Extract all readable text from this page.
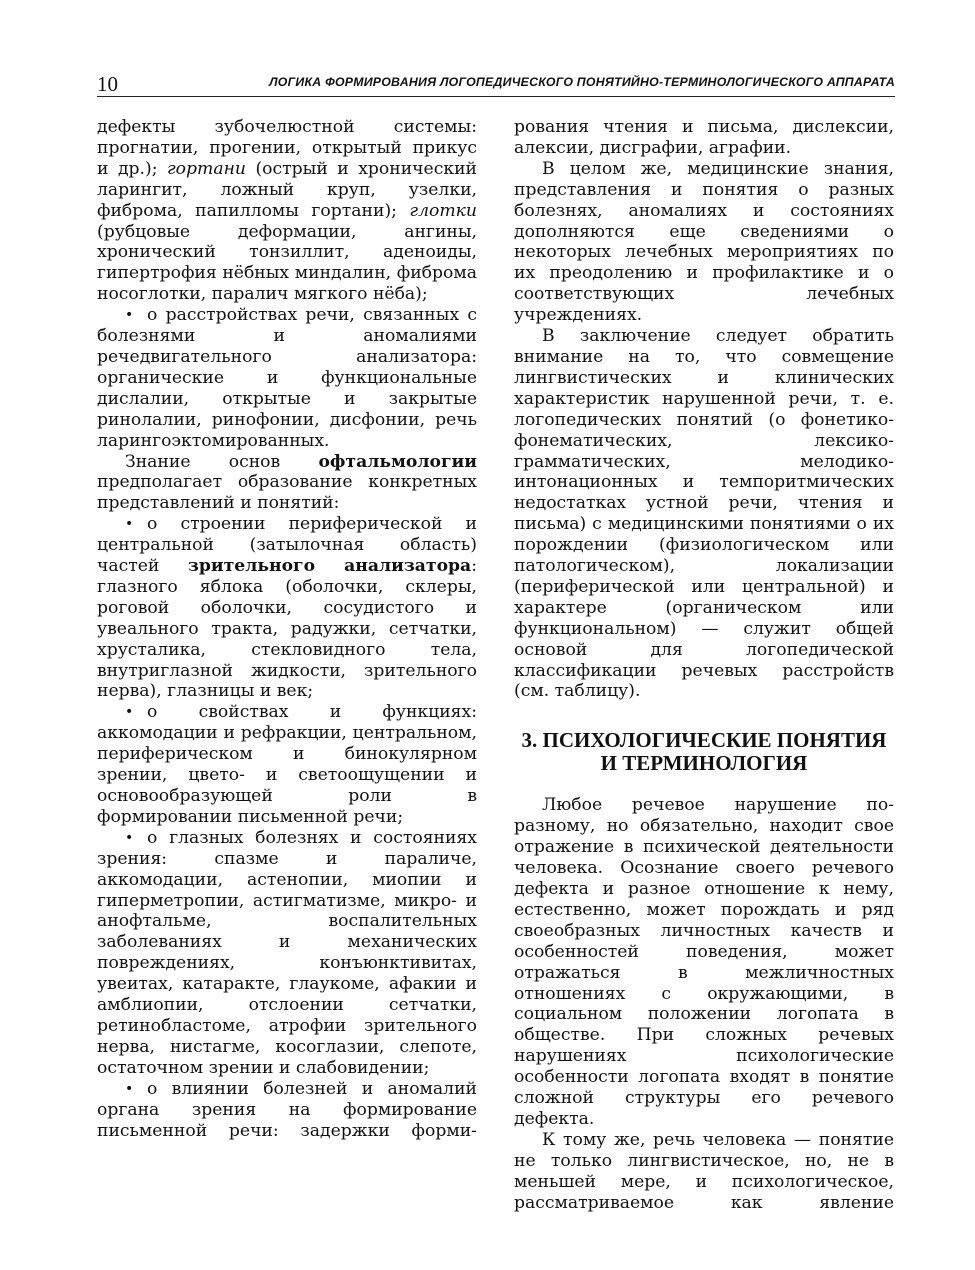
10	ЛОГИКА ФОРМИРОВАНИЯ ЛОГОПЕДИЧЕСКОГО ПОНЯТИЙНО-ТЕРМИНОЛОГИЧЕСКОГО АППАРАТА

дефекты зубочелюстной системы: прогнатии, прогении, открытый прикус и др.); гортани (острый и хронический ларингит, ложный круп, узелки, фиброма, папилломы гортани); глотки (рубцовые деформации, ангины, хронический тонзиллит, аденоиды, гипертрофия нёбных миндалин, фиброма носоглотки, паралич мягкого нёба);

• о расстройствах речи, связанных с болезнями и аномалиями речедвигательного анализатора: органические и функциональные дислалии, открытые и закрытые ринолалии, ринофонии, дисфонии, речь ларингоэктомированных.

Знание основ офтальмологии предполагает образование конкретных представлений и понятий:

• о строении периферической и центральной (затылочная область) частей зрительного анализатора: глазного яблока (оболочки, склеры, роговой оболочки, сосудистого и увеального тракта, радужки, сетчатки, хрусталика, стекловидного тела, внутриглазной жидкости, зрительного нерва), глазницы и век;

• о свойствах и функциях: аккомодации и рефракции, центральном, периферическом и бинокулярном зрении, цвето- и светоощущении и основообразующей роли в формировании письменной речи;

• о глазных болезнях и состояниях зрения: спазме и параличе, аккомодации, астенопии, миопии и гиперметропии, астигматизме, микро- и анофтальме, воспалительных заболеваниях и механических повреждениях, конъюнктивитах, увеитах, катаракте, глаукоме, афакии и амблиопии, отслоении сетчатки, ретинобластоме, атрофии зрительного нерва, нистагме, косоглазии, слепоте, остаточном зрении и слабовидении;

• о влиянии болезней и аномалий органа зрения на формирование письменной речи: задержки форми-

рования чтения и письма, дислексии, алексии, дисграфии, аграфии.

В целом же, медицинские знания, представления и понятия о разных болезнях, аномалиях и состояниях дополняются еще сведениями о некоторых лечебных мероприятиях по их преодолению и профилактике и о соответствующих лечебных учреждениях.

В заключение следует обратить внимание на то, что совмещение лингвистических и клинических характеристик нарушенной речи, т. е. логопедических понятий (о фонетико-фонематических, лексико-грамматических, мелодико-интонационных и темпоритмических недостатках устной речи, чтения и письма) с медицинскими понятиями о их порождении (физиологическом или патологическом), локализации (периферической или центральной) и характере (органическом или функциональном) — служит общей основой для логопедической классификации речевых расстройств (см. таблицу).

3. ПСИХОЛОГИЧЕСКИЕ ПОНЯТИЯ
И ТЕРМИНОЛОГИЯ

Любое речевое нарушение по-разному, но обязательно, находит свое отражение в психической деятельности человека. Осознание своего речевого дефекта и разное отношение к нему, естественно, может порождать и ряд своеобразных личностных качеств и особенностей поведения, может отражаться в межличностных отношениях с окружающими, в социальном положении логопата в обществе. При сложных речевых нарушениях психологические особенности логопата входят в понятие сложной структуры его речевого дефекта.

К тому же, речь человека — понятие не только лингвистическое, но, не в меньшей мере, и психологическое, рассматриваемое как явление
